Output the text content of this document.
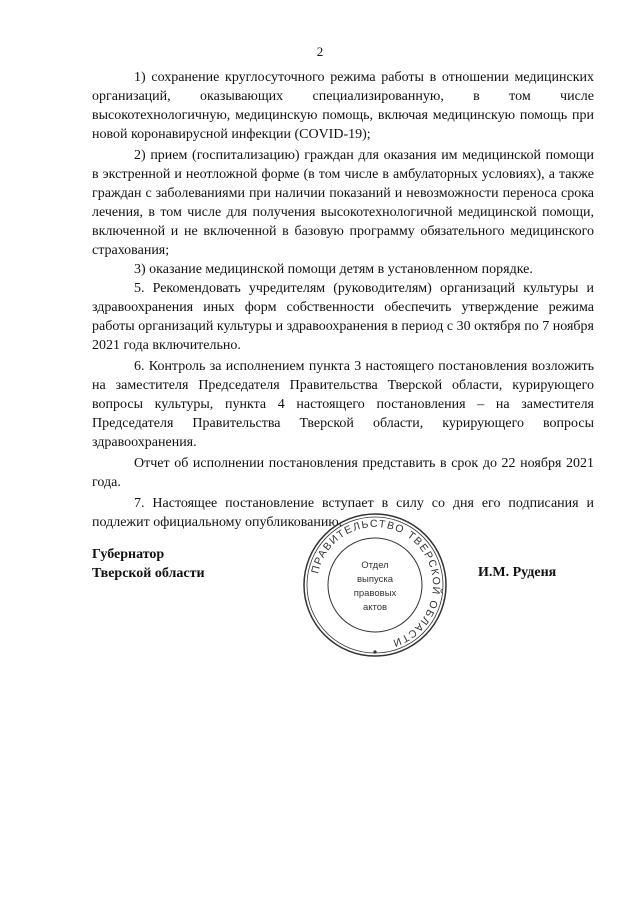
2

1) сохранение круглосуточного режима работы в отношении медицинских организаций, оказывающих специализированную, в том числе высокотехнологичную, медицинскую помощь, включая медицинскую помощь при новой коронавирусной инфекции (COVID-19);

2) прием (госпитализацию) граждан для оказания им медицинской помощи в экстренной и неотложной форме (в том числе в амбулаторных условиях), а также граждан с заболеваниями при наличии показаний и невозможности переноса срока лечения, в том числе для получения высокотехнологичной медицинской помощи, включенной и не включенной в базовую программу обязательного медицинского страхования;

3) оказание медицинской помощи детям в установленном порядке.

5. Рекомендовать учредителям (руководителям) организаций культуры и здравоохранения иных форм собственности обеспечить утверждение режима работы организаций культуры и здравоохранения в период с 30 октября по 7 ноября 2021 года включительно.

6. Контроль за исполнением пункта 3 настоящего постановления возложить на заместителя Председателя Правительства Тверской области, курирующего вопросы культуры, пункта 4 настоящего постановления – на заместителя Председателя Правительства Тверской области, курирующего вопросы здравоохранения.

Отчет об исполнении постановления представить в срок до 22 ноября 2021 года.

7. Настоящее постановление вступает в силу со дня его подписания и подлежит официальному опубликованию.

Губернатор
Тверской области	ПРАВИТЕЛЬСТВО ТВЕРСКОЙ ОБЛАСТИ
Отдел
выпуска
правовых
актов
И.М. Руденя
